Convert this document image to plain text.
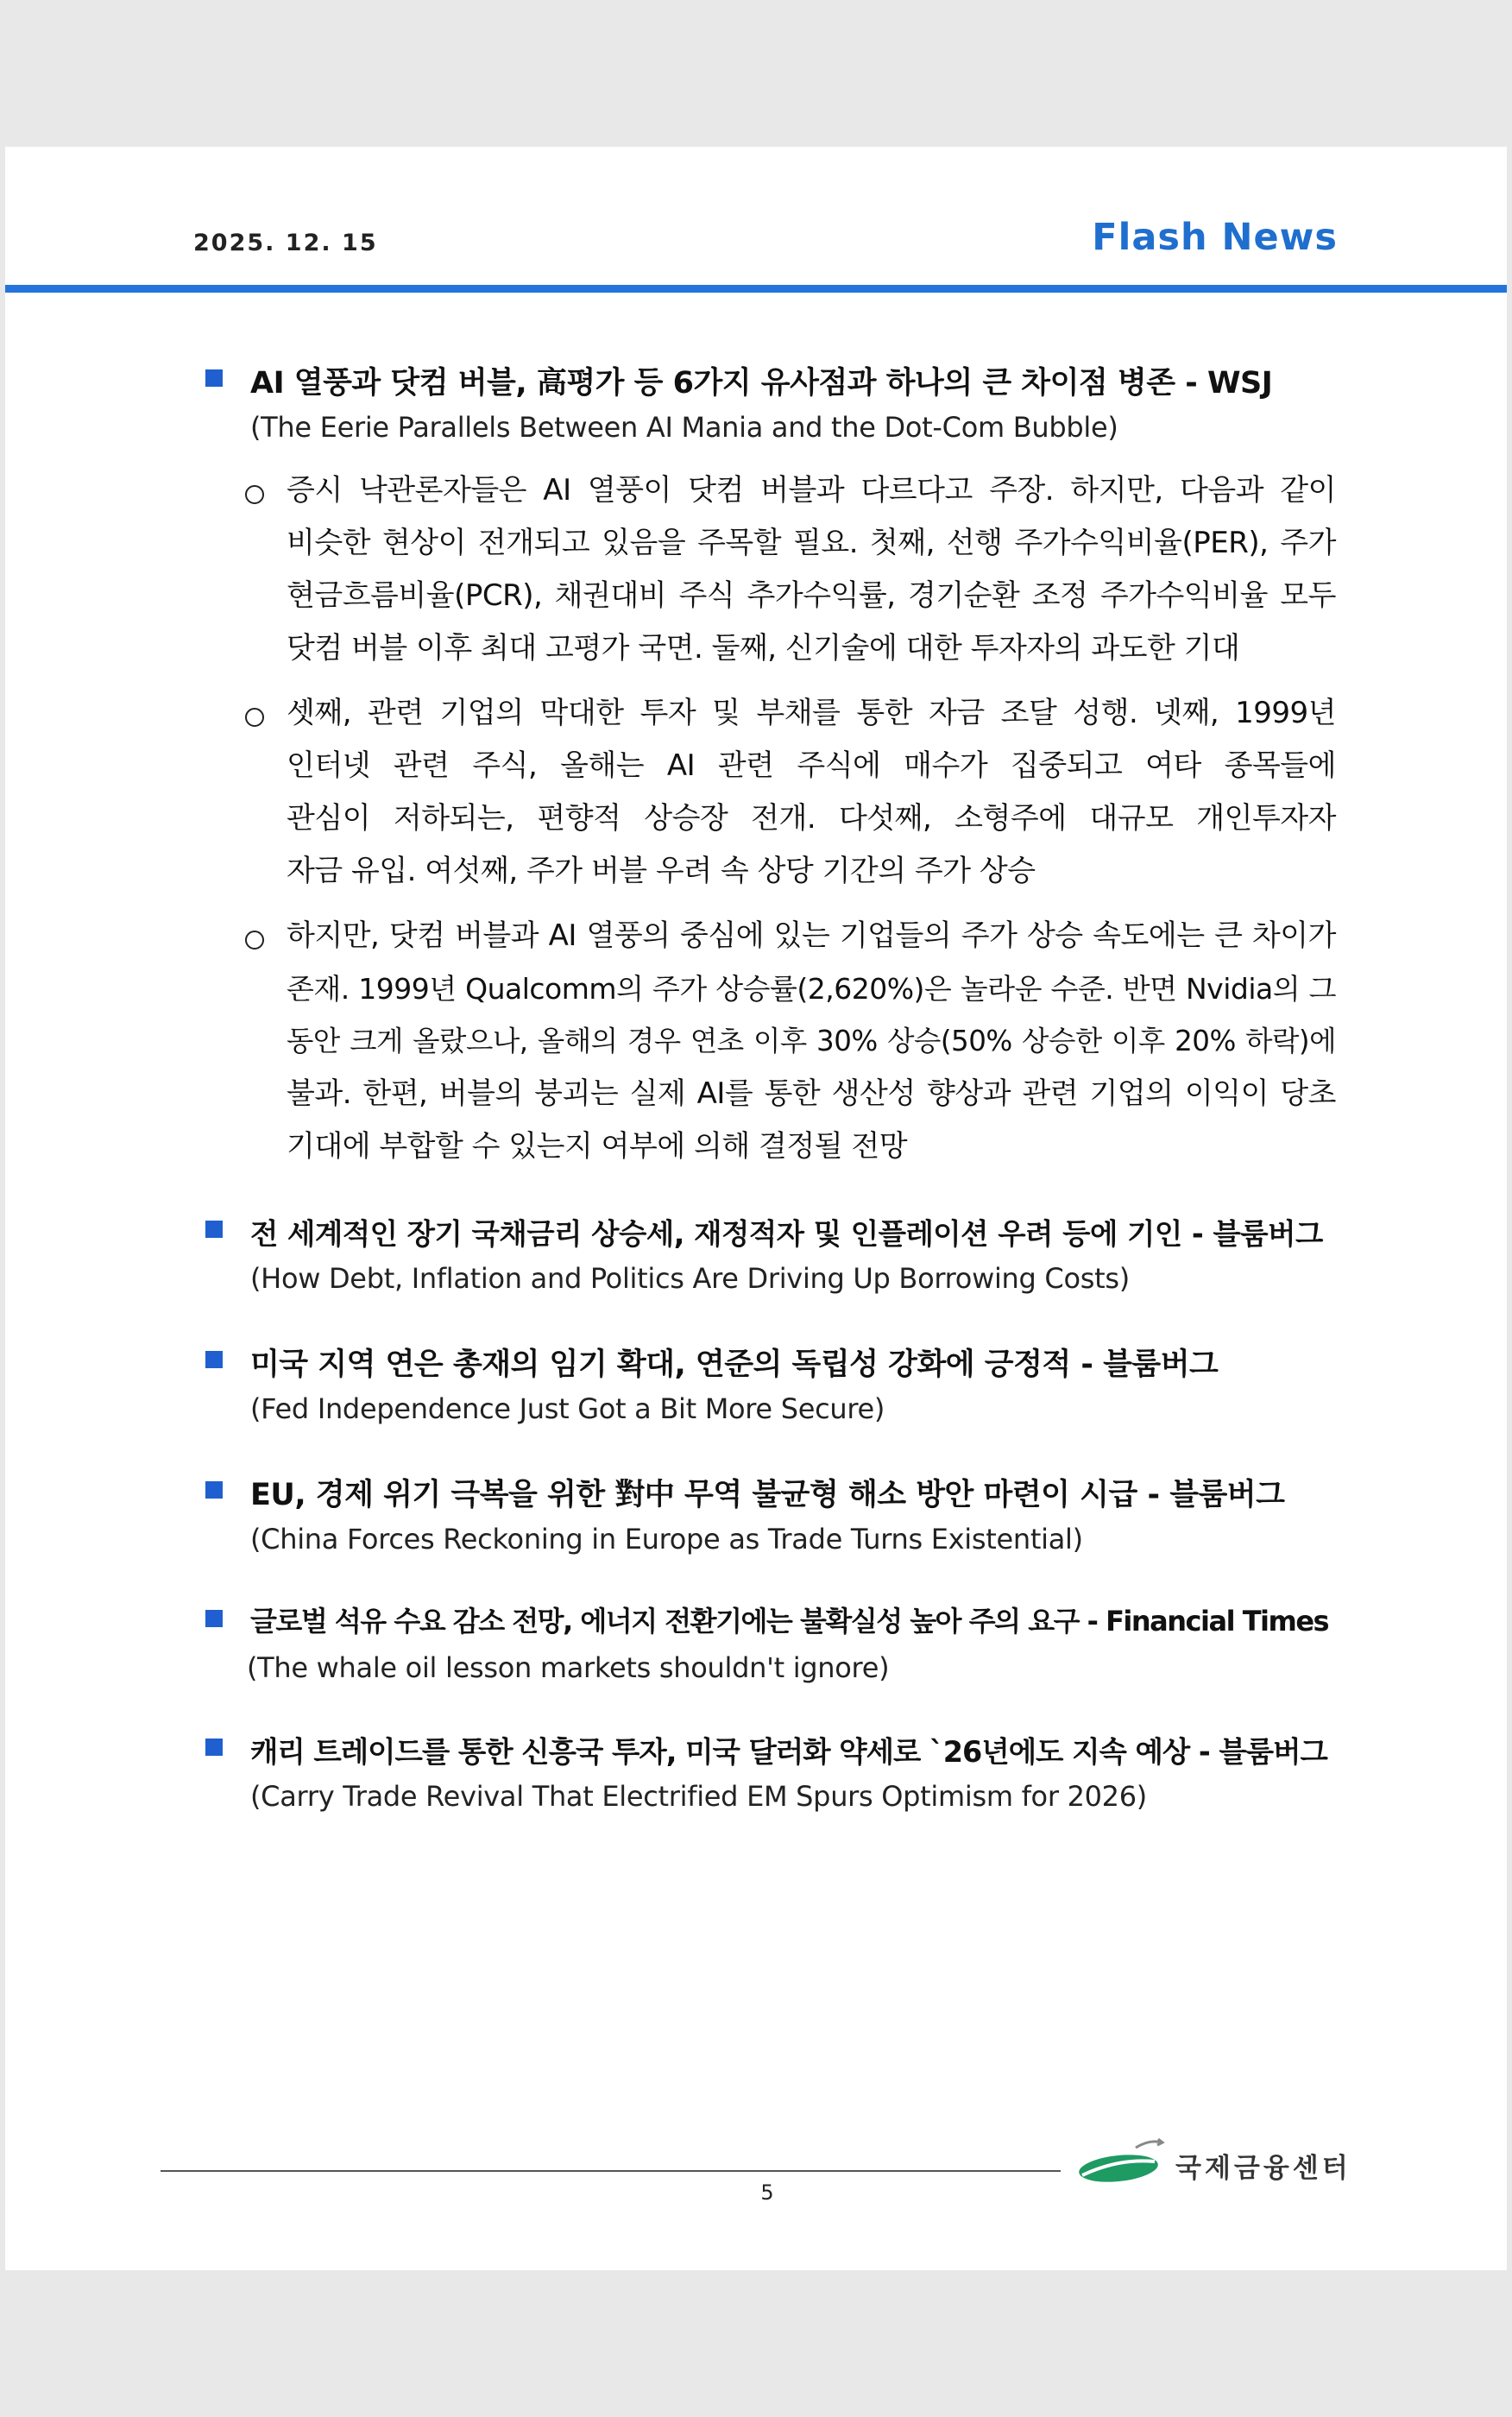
2025. 12. 15	Flash News
AI 열풍과 닷컴 버블, 高평가 등 6가지 유사점과 하나의 큰 차이점 병존 - WSJ
(The Eerie Parallels Between AI Mania and the Dot-Com Bubble)
증시 낙관론자들은 AI 열풍이 닷컴 버블과 다르다고 주장. 하지만, 다음과 같이
비슷한 현상이 전개되고 있음을 주목할 필요. 첫째, 선행 주가수익비율(PER), 주가
현금흐름비율(PCR), 채권대비 주식 추가수익률, 경기순환 조정 주가수익비율 모두
닷컴 버블 이후 최대 고평가 국면. 둘째, 신기술에 대한 투자자의 과도한 기대
셋째, 관련 기업의 막대한 투자 및 부채를 통한 자금 조달 성행. 넷째, 1999년
인터넷 관련 주식, 올해는 AI 관련 주식에 매수가 집중되고 여타 종목들에
관심이 저하되는, 편향적 상승장 전개. 다섯째, 소형주에 대규모 개인투자자
자금 유입. 여섯째, 주가 버블 우려 속 상당 기간의 주가 상승
하지만, 닷컴 버블과 AI 열풍의 중심에 있는 기업들의 주가 상승 속도에는 큰 차이가
존재. 1999년 Qualcomm의 주가 상승률(2,620%)은 놀라운 수준. 반면 Nvidia의 그
동안 크게 올랐으나, 올해의 경우 연초 이후 30% 상승(50% 상승한 이후 20% 하락)에
불과. 한편, 버블의 붕괴는 실제 AI를 통한 생산성 향상과 관련 기업의 이익이 당초
기대에 부합할 수 있는지 여부에 의해 결정될 전망
전 세계적인 장기 국채금리 상승세, 재정적자 및 인플레이션 우려 등에 기인 - 블룸버그
(How Debt, Inflation and Politics Are Driving Up Borrowing Costs)
미국 지역 연은 총재의 임기 확대, 연준의 독립성 강화에 긍정적 - 블룸버그
(Fed Independence Just Got a Bit More Secure)
EU, 경제 위기 극복을 위한 對中 무역 불균형 해소 방안 마련이 시급 - 블룸버그
(China Forces Reckoning in Europe as Trade Turns Existential)
글로벌 석유 수요 감소 전망, 에너지 전환기에는 불확실성 높아 주의 요구 - Financial Times
(The whale oil lesson markets shouldn't ignore)
캐리 트레이드를 통한 신흥국 투자, 미국 달러화 약세로 `26년에도 지속 예상 - 블룸버그
(Carry Trade Revival That Electrified EM Spurs Optimism for 2026)
5
국제금융센터
